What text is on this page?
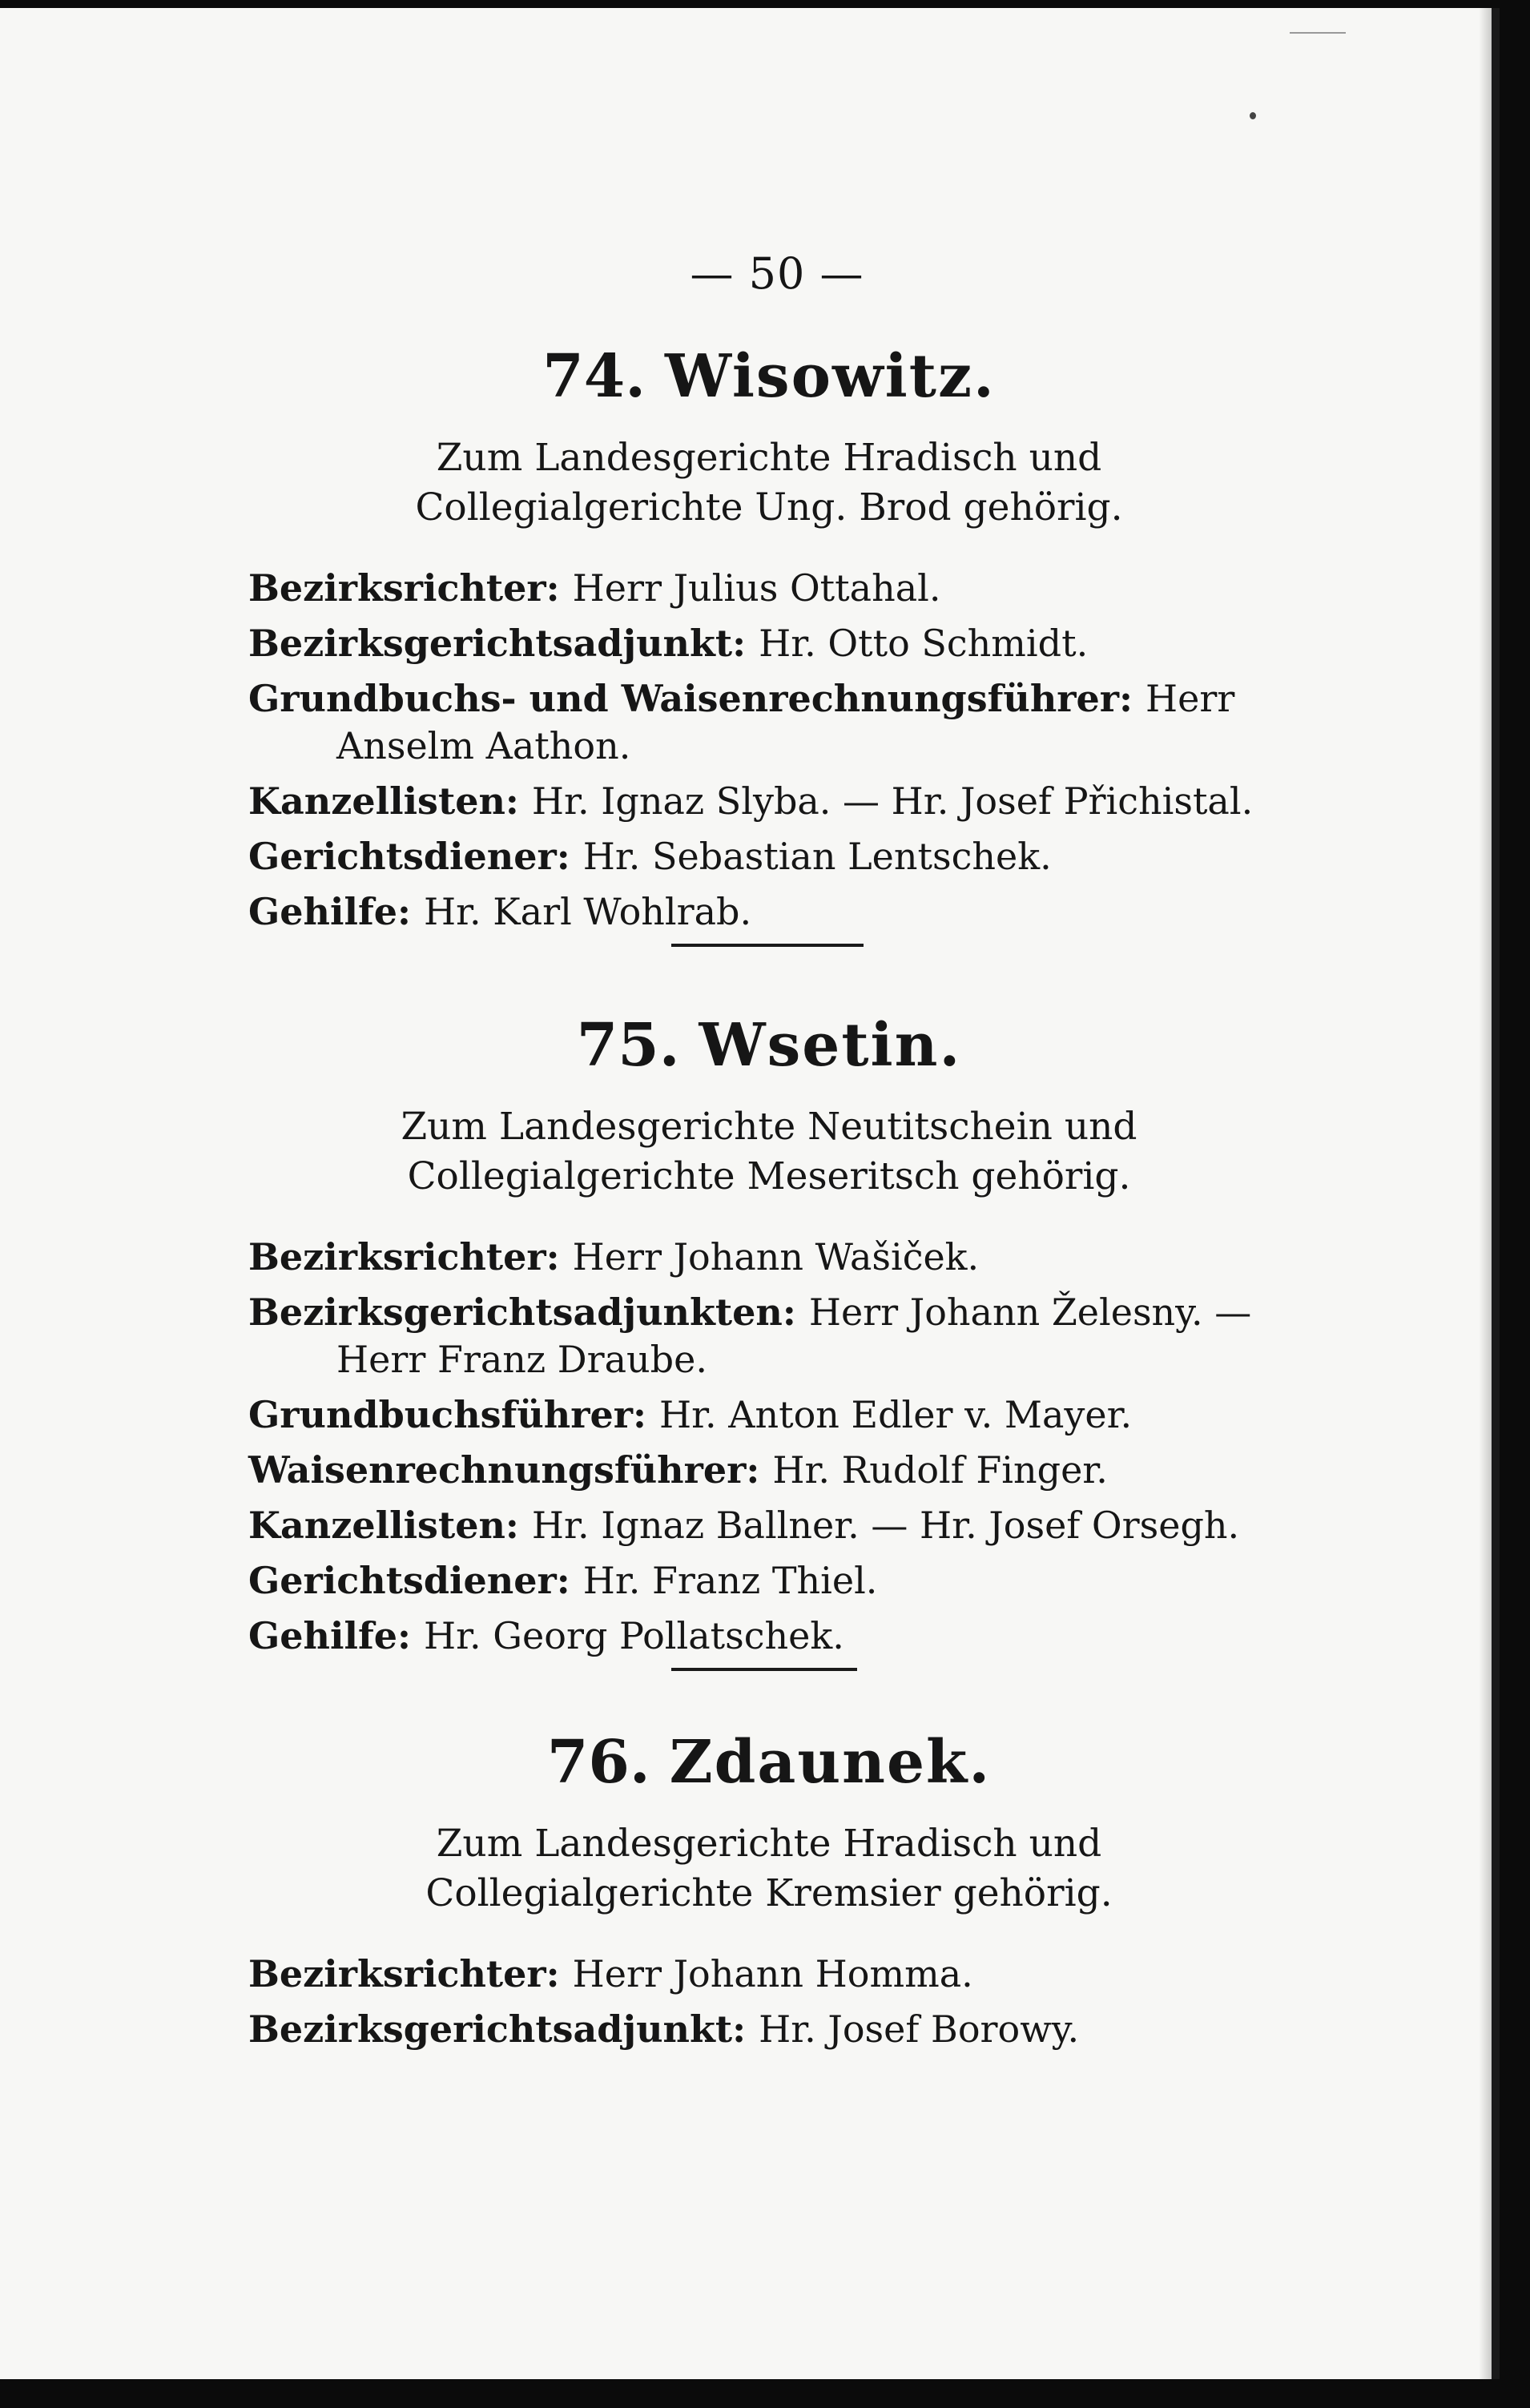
— 50 —
74. Wisowitz.

Zum Landesgerichte Hradisch und Collegialgerichte Ung. Brod gehörig.

Bezirksrichter : Herr Julius Ottahal.
Bezirksgerichtsadjunkt : Hr. Otto Schmidt.
Grundbuchs- und Waisenrechnungsführer : Herr Anselm Aathon.
Kanzellisten : Hr. Ignaz Slyba. — Hr. Josef Přichistal.
Gerichtsdiener : Hr. Sebastian Lentschek.
Gehilfe : Hr. Karl Wohlrab.
75. Wsetin.

Zum Landesgerichte Neutitschein und Collegialgerichte Meseritsch gehörig.

Bezirksrichter : Herr Johann Wašiček.
Bezirksgerichtsadjunkten : Herr Johann Želesny. — Herr Franz Draube.
Grundbuchsführer : Hr. Anton Edler v. Mayer.
Waisenrechnungsführer : Hr. Rudolf Finger.
Kanzellisten : Hr. Ignaz Ballner. — Hr. Josef Orsegh.
Gerichtsdiener : Hr. Franz Thiel.
Gehilfe : Hr. Georg Pollatschek.
76. Zdaunek.

Zum Landesgerichte Hradisch und Collegialgerichte Kremsier gehörig.

Bezirksrichter : Herr Johann Homma.
Bezirksgerichtsadjunkt : Hr. Josef Borowy.
